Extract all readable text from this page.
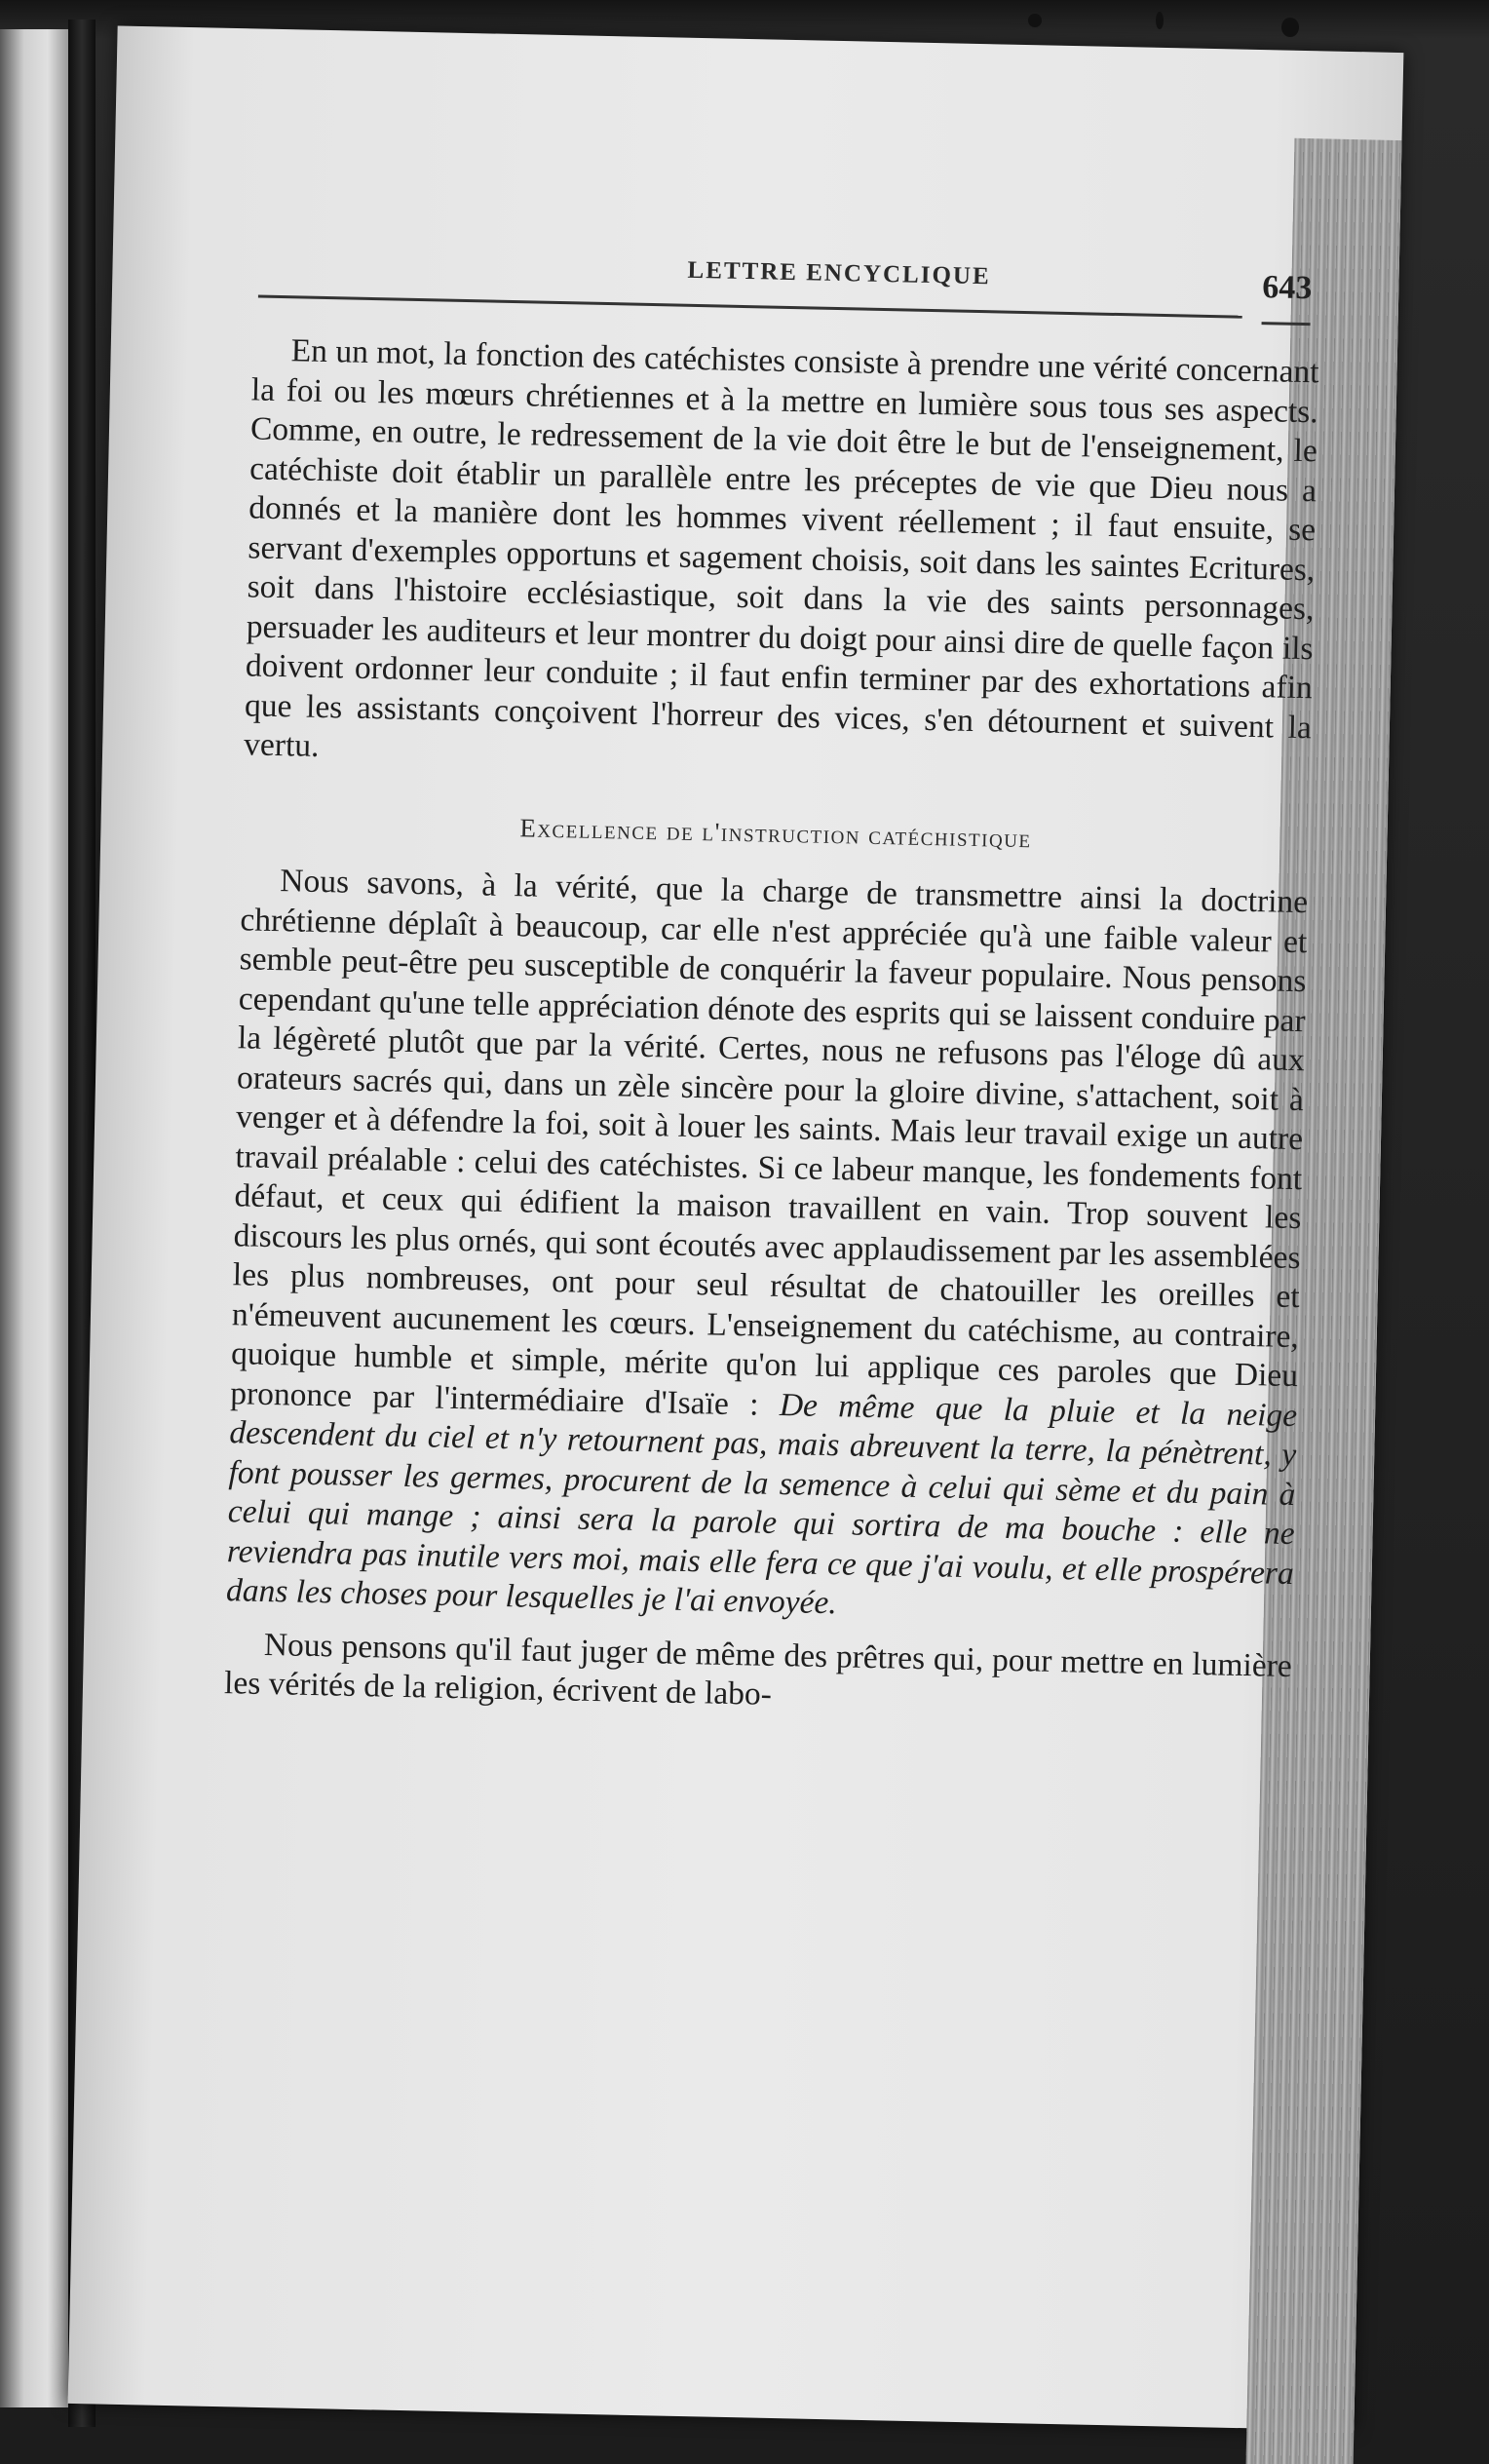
LETTRE ENCYCLIQUE	643

En un mot, la fonction des catéchistes consiste à prendre une vérité concernant la foi ou les mœurs chrétiennes et à la mettre en lumière sous tous ses aspects. Comme, en outre, le redressement de la vie doit être le but de l'enseignement, le catéchiste doit établir un parallèle entre les préceptes de vie que Dieu nous a donnés et la manière dont les hommes vivent réellement ; il faut ensuite, se servant d'exemples opportuns et sagement choisis, soit dans les saintes Ecritures, soit dans l'histoire ecclésiastique, soit dans la vie des saints personnages, persuader les auditeurs et leur montrer du doigt pour ainsi dire de quelle façon ils doivent ordonner leur conduite ; il faut enfin terminer par des exhortations afin que les assistants conçoivent l'horreur des vices, s'en détournent et suivent la vertu.

Excellence de l'instruction catéchistique

Nous savons, à la vérité, que la charge de transmettre ainsi la doctrine chrétienne déplaît à beaucoup, car elle n'est appréciée qu'à une faible valeur et semble peut-être peu susceptible de conquérir la faveur populaire. Nous pensons cependant qu'une telle appréciation dénote des esprits qui se laissent conduire par la légèreté plutôt que par la vérité. Certes, nous ne refusons pas l'éloge dû aux orateurs sacrés qui, dans un zèle sincère pour la gloire divine, s'attachent, soit à venger et à défendre la foi, soit à louer les saints. Mais leur travail exige un autre travail préalable : celui des catéchistes. Si ce labeur manque, les fondements font défaut, et ceux qui édifient la maison travaillent en vain. Trop souvent les discours les plus ornés, qui sont écoutés avec applaudissement par les assemblées les plus nombreuses, ont pour seul résultat de chatouiller les oreilles et n'émeuvent aucunement les cœurs. L'enseignement du catéchisme, au contraire, quoique humble et simple, mérite qu'on lui applique ces paroles que Dieu prononce par l'intermédiaire d'Isaïe : De même que la pluie et la neige descendent du ciel et n'y retournent pas, mais abreuvent la terre, la pénètrent, y font pousser les germes, procurent de la semence à celui qui sème et du pain à celui qui mange ; ainsi sera la parole qui sortira de ma bouche : elle ne reviendra pas inutile vers moi, mais elle fera ce que j'ai voulu, et elle prospérera dans les choses pour lesquelles je l'ai envoyée.

Nous pensons qu'il faut juger de même des prêtres qui, pour mettre en lumière les vérités de la religion, écrivent de labo-
